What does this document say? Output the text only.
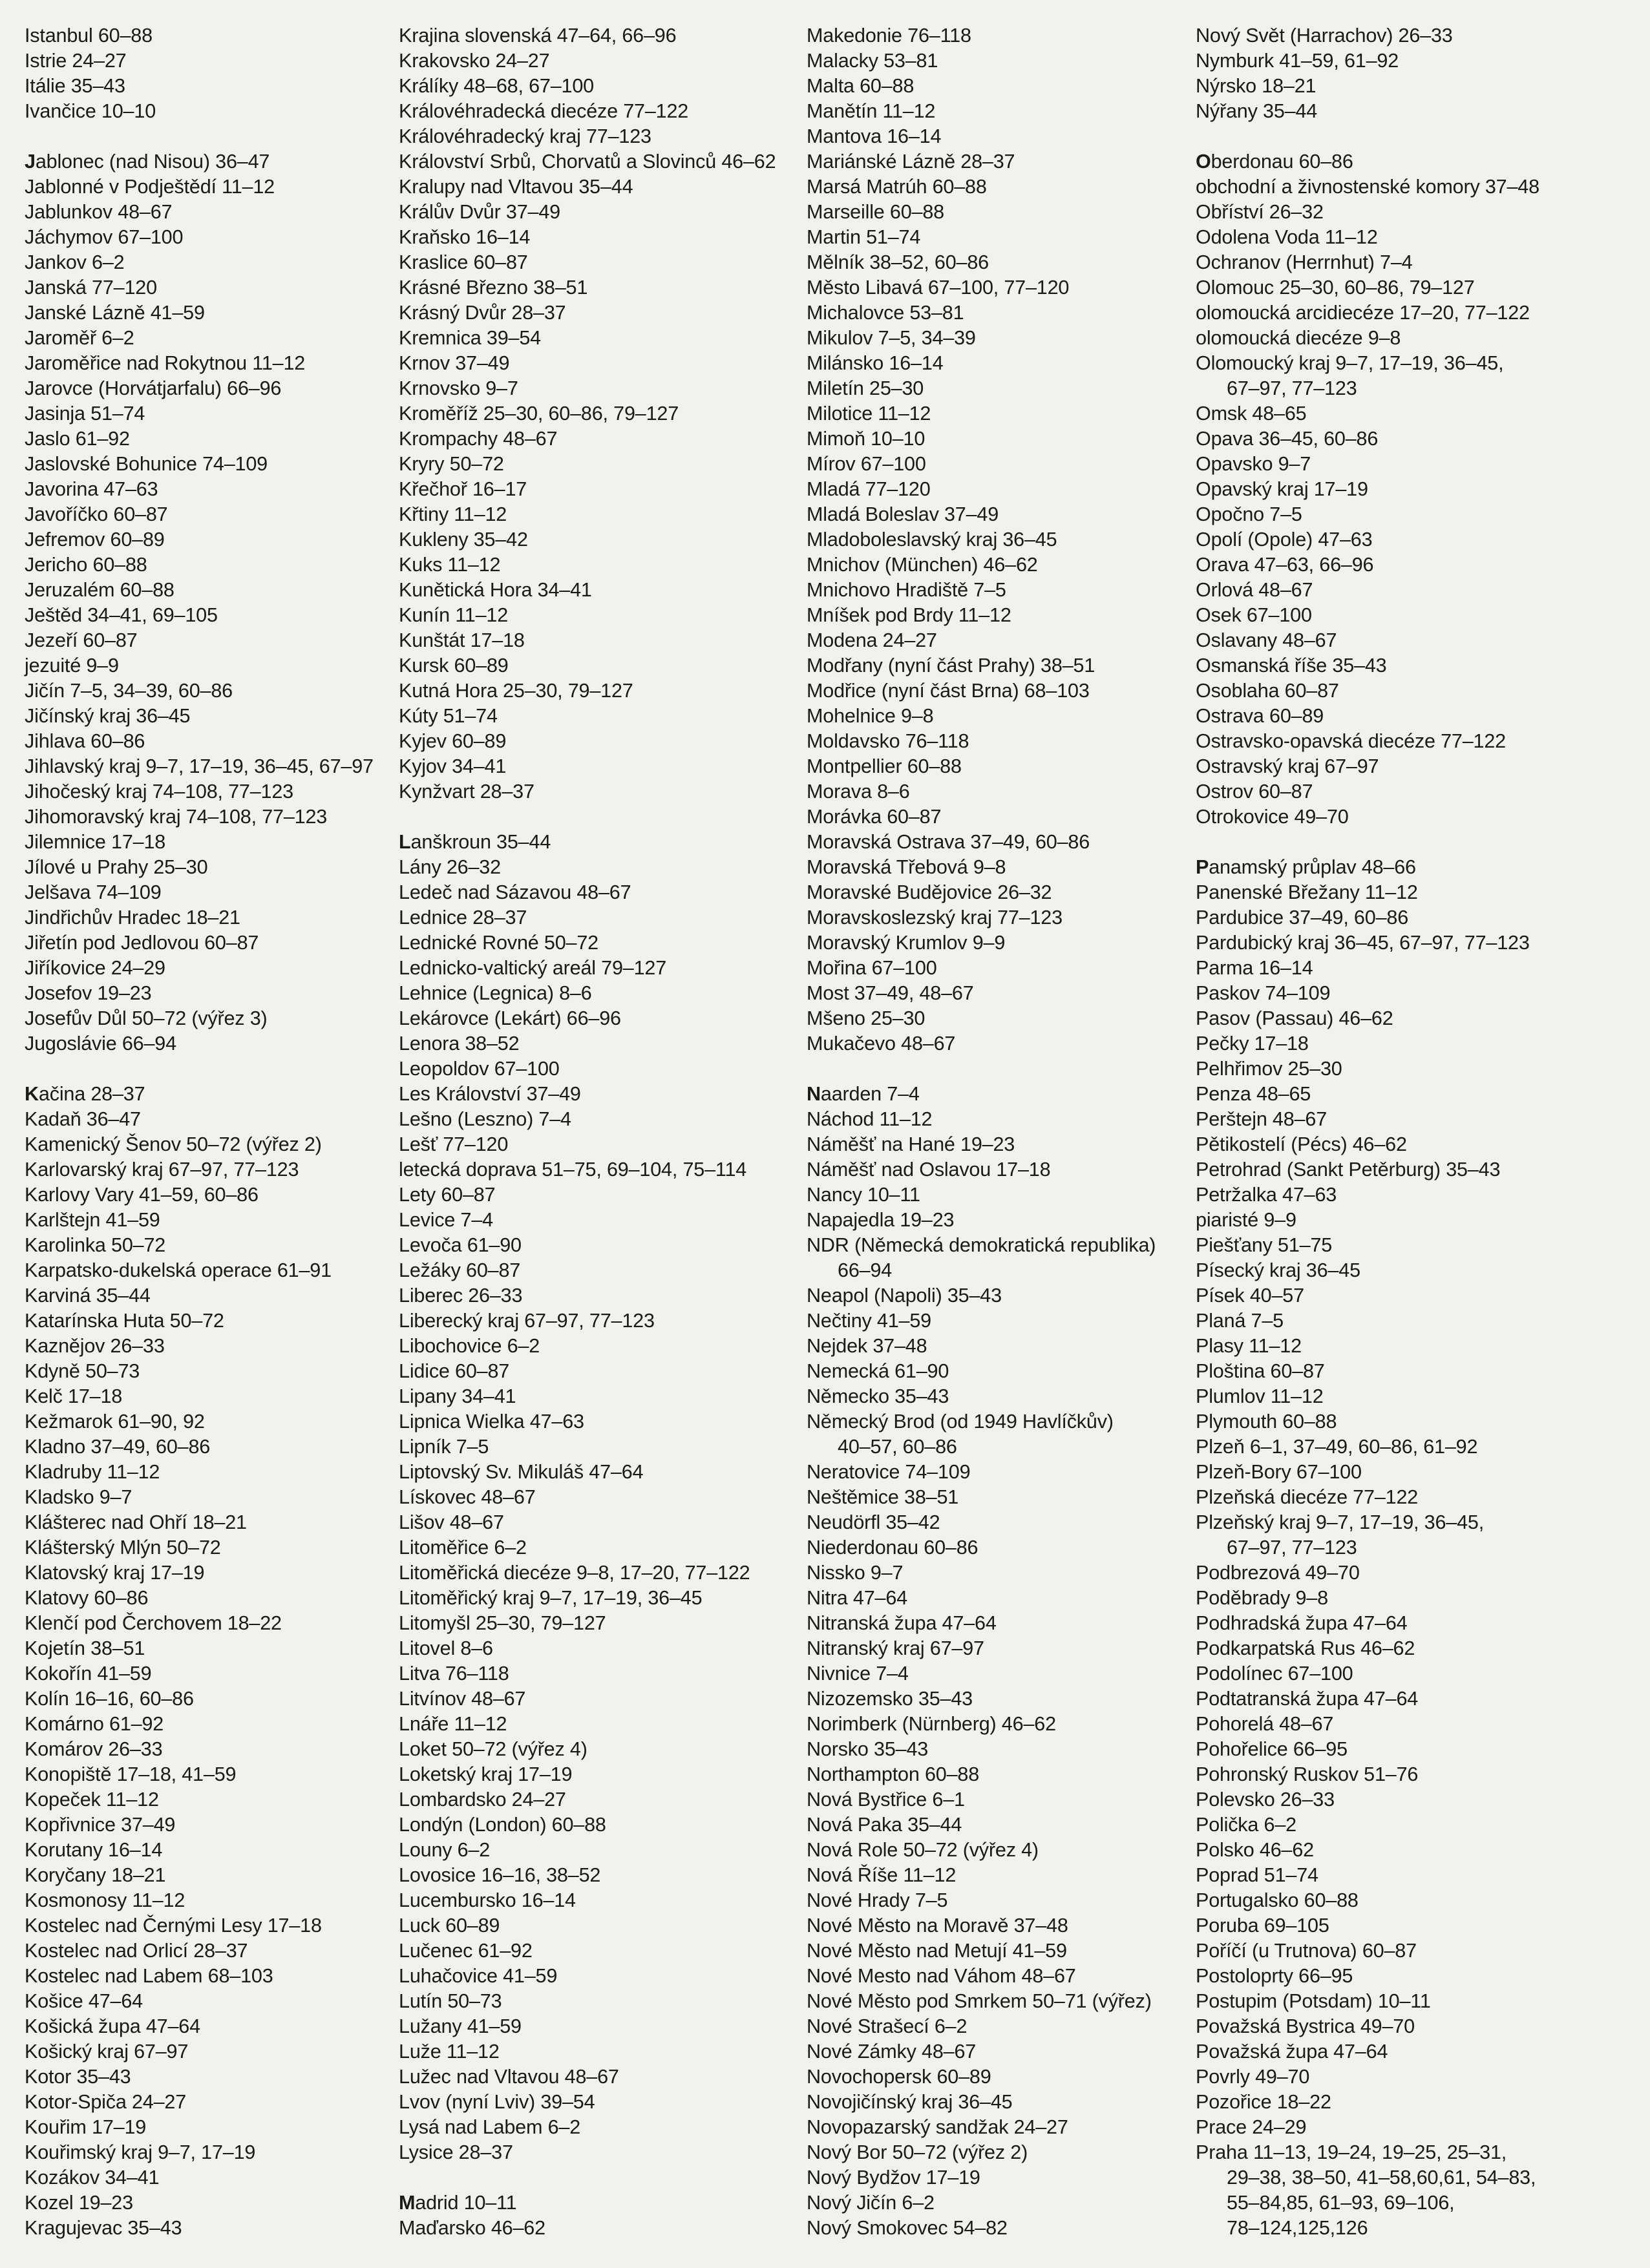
Istanbul 60–88
Istrie 24–27
Itálie 35–43
Ivančice 10–10
Jablonec (nad Nisou) 36–47
Jablonné v Podještědí 11–12
Jablunkov 48–67
Jáchymov 67–100
Jankov 6–2
Janská 77–120
Janské Lázně 41–59
Jaroměř 6–2
Jaroměřice nad Rokytnou 11–12
Jarovce (Horvátjarfalu) 66–96
Jasinja 51–74
Jaslo 61–92
Jaslovské Bohunice 74–109
Javorina 47–63
Javoříčko 60–87
Jefremov 60–89
Jericho 60–88
Jeruzalém 60–88
Ještěd 34–41, 69–105
Jezeří 60–87
jezuité 9–9
Jičín 7–5, 34–39, 60–86
Jičínský kraj 36–45
Jihlava 60–86
Jihlavský kraj 9–7, 17–19, 36–45, 67–97
Jihočeský kraj 74–108, 77–123
Jihomoravský kraj 74–108, 77–123
Jilemnice 17–18
Jílové u Prahy 25–30
Jelšava 74–109
Jindřichův Hradec 18–21
Jiřetín pod Jedlovou 60–87
Jiříkovice 24–29
Josefov 19–23
Josefův Důl 50–72 (výřez 3)
Jugoslávie 66–94
Kačina 28–37
Kadaň 36–47
Kamenický Šenov 50–72 (výřez 2)
Karlovarský kraj 67–97, 77–123
Karlovy Vary 41–59, 60–86
Karlštejn 41–59
Karolinka 50–72
Karpatsko-dukelská operace 61–91
Karviná 35–44
Katarínska Huta 50–72
Kaznějov 26–33
Kdyně 50–73
Kelč 17–18
Kežmarok 61–90, 92
Kladno 37–49, 60–86
Kladruby 11–12
Kladsko 9–7
Klášterec nad Ohří 18–21
Klášterský Mlýn 50–72
Klatovský kraj 17–19
Klatovy 60–86
Klenčí pod Čerchovem 18–22
Kojetín 38–51
Kokořín 41–59
Kolín 16–16, 60–86
Komárno 61–92
Komárov 26–33
Konopiště 17–18, 41–59
Kopeček 11–12
Kopřivnice 37–49
Korutany 16–14
Koryčany 18–21
Kosmonosy 11–12
Kostelec nad Černými Lesy 17–18
Kostelec nad Orlicí 28–37
Kostelec nad Labem 68–103
Košice 47–64
Košická župa 47–64
Košický kraj 67–97
Kotor 35–43
Kotor-Spiča 24–27
Kouřim 17–19
Kouřimský kraj 9–7, 17–19
Kozákov 34–41
Kozel 19–23
Kragujevac 35–43
Krajina slovenská 47–64, 66–96
Krakovsko 24–27
Králíky 48–68, 67–100
Královéhradecká diecéze 77–122
Královéhradecký kraj 77–123
Království Srbů, Chorvatů a Slovinců 46–62
Kralupy nad Vltavou 35–44
Králův Dvůr 37–49
Kraňsko 16–14
Kraslice 60–87
Krásné Březno 38–51
Krásný Dvůr 28–37
Kremnica 39–54
Krnov 37–49
Krnovsko 9–7
Kroměříž 25–30, 60–86, 79–127
Krompachy 48–67
Kryry 50–72
Křečhoř 16–17
Křtiny 11–12
Kukleny 35–42
Kuks 11–12
Kunětická Hora 34–41
Kunín 11–12
Kunštát 17–18
Kursk 60–89
Kutná Hora 25–30, 79–127
Kúty 51–74
Kyjev 60–89
Kyjov 34–41
Kynžvart 28–37
Lanškroun 35–44
Lány 26–32
Ledeč nad Sázavou 48–67
Lednice 28–37
Lednické Rovné 50–72
Lednicko-valtický areál 79–127
Lehnice (Legnica) 8–6
Lekárovce (Lekárt) 66–96
Lenora 38–52
Leopoldov 67–100
Les Království 37–49
Lešno (Leszno) 7–4
Lešť 77–120
letecká doprava 51–75, 69–104, 75–114
Lety 60–87
Levice 7–4
Levoča 61–90
Ležáky 60–87
Liberec 26–33
Liberecký kraj 67–97, 77–123
Libochovice 6–2
Lidice 60–87
Lipany 34–41
Lipnica Wielka 47–63
Lipník 7–5
Liptovský Sv. Mikuláš 47–64
Lískovec 48–67
Lišov 48–67
Litoměřice 6–2
Litoměřická diecéze 9–8, 17–20, 77–122
Litoměřický kraj 9–7, 17–19, 36–45
Litomyšl 25–30, 79–127
Litovel 8–6
Litva 76–118
Litvínov 48–67
Lnáře 11–12
Loket 50–72 (výřez 4)
Loketský kraj 17–19
Lombardsko 24–27
Londýn (London) 60–88
Louny 6–2
Lovosice 16–16, 38–52
Lucembursko 16–14
Luck 60–89
Lučenec 61–92
Luhačovice 41–59
Lutín 50–73
Lužany 41–59
Luže 11–12
Lužec nad Vltavou 48–67
Lvov (nyní Lviv) 39–54
Lysá nad Labem 6–2
Lysice 28–37
Madrid 10–11
Maďarsko 46–62
Makedonie 76–118
Malacky 53–81
Malta 60–88
Manětín 11–12
Mantova 16–14
Mariánské Lázně 28–37
Marsá Matrúh 60–88
Marseille 60–88
Martin 51–74
Mělník 38–52, 60–86
Město Libavá 67–100, 77–120
Michalovce 53–81
Mikulov 7–5, 34–39
Milánsko 16–14
Miletín 25–30
Milotice 11–12
Mimoň 10–10
Mírov 67–100
Mladá 77–120
Mladá Boleslav 37–49
Mladoboleslavský kraj 36–45
Mnichov (München) 46–62
Mnichovo Hradiště 7–5
Mníšek pod Brdy 11–12
Modena 24–27
Modřany (nyní část Prahy) 38–51
Modřice (nyní část Brna) 68–103
Mohelnice 9–8
Moldavsko 76–118
Montpellier 60–88
Morava 8–6
Morávka 60–87
Moravská Ostrava 37–49, 60–86
Moravská Třebová 9–8
Moravské Budějovice 26–32
Moravskoslezský kraj 77–123
Moravský Krumlov 9–9
Mořina 67–100
Most 37–49, 48–67
Mšeno 25–30
Mukačevo 48–67
Naarden 7–4
Náchod 11–12
Náměšť na Hané 19–23
Náměšť nad Oslavou 17–18
Nancy 10–11
Napajedla 19–23
NDR (Německá demokratická republika)
66–94
Neapol (Napoli) 35–43
Nečtiny 41–59
Nejdek 37–48
Nemecká 61–90
Německo 35–43
Německý Brod (od 1949 Havlíčkův)
40–57, 60–86
Neratovice 74–109
Neštěmice 38–51
Neudörfl 35–42
Niederdonau 60–86
Nissko 9–7
Nitra 47–64
Nitranská župa 47–64
Nitranský kraj 67–97
Nivnice 7–4
Nizozemsko 35–43
Norimberk (Nürnberg) 46–62
Norsko 35–43
Northampton 60–88
Nová Bystřice 6–1
Nová Paka 35–44
Nová Role 50–72 (výřez 4)
Nová Říše 11–12
Nové Hrady 7–5
Nové Město na Moravě 37–48
Nové Město nad Metují 41–59
Nové Mesto nad Váhom 48–67
Nové Město pod Smrkem 50–71 (výřez)
Nové Strašecí 6–2
Nové Zámky 48–67
Novochopersk 60–89
Novojičínský kraj 36–45
Novopazarský sandžak 24–27
Nový Bor 50–72 (výřez 2)
Nový Bydžov 17–19
Nový Jičín 6–2
Nový Smokovec 54–82
Nový Svět (Harrachov) 26–33
Nymburk 41–59, 61–92
Nýrsko 18–21
Nýřany 35–44
Oberdonau 60–86
obchodní a živnostenské komory 37–48
Obříství 26–32
Odolena Voda 11–12
Ochranov (Herrnhut) 7–4
Olomouc 25–30, 60–86, 79–127
olomoucká arcidiecéze 17–20, 77–122
olomoucká diecéze 9–8
Olomoucký kraj 9–7, 17–19, 36–45,
67–97, 77–123
Omsk 48–65
Opava 36–45, 60–86
Opavsko 9–7
Opavský kraj 17–19
Opočno 7–5
Opolí (Opole) 47–63
Orava 47–63, 66–96
Orlová 48–67
Osek 67–100
Oslavany 48–67
Osmanská říše 35–43
Osoblaha 60–87
Ostrava 60–89
Ostravsko-opavská diecéze 77–122
Ostravský kraj 67–97
Ostrov 60–87
Otrokovice 49–70
Panamský průplav 48–66
Panenské Břežany 11–12
Pardubice 37–49, 60–86
Pardubický kraj 36–45, 67–97, 77–123
Parma 16–14
Paskov 74–109
Pasov (Passau) 46–62
Pečky 17–18
Pelhřimov 25–30
Penza 48–65
Perštejn 48–67
Pětikostelí (Pécs) 46–62
Petrohrad (Sankt Petěrburg) 35–43
Petržalka 47–63
piaristé 9–9
Piešťany 51–75
Písecký kraj 36–45
Písek 40–57
Planá 7–5
Plasy 11–12
Ploština 60–87
Plumlov 11–12
Plymouth 60–88
Plzeň 6–1, 37–49, 60–86, 61–92
Plzeň-Bory 67–100
Plzeňská diecéze 77–122
Plzeňský kraj 9–7, 17–19, 36–45,
67–97, 77–123
Podbrezová 49–70
Poděbrady 9–8
Podhradská župa 47–64
Podkarpatská Rus 46–62
Podolínec 67–100
Podtatranská župa 47–64
Pohorelá 48–67
Pohořelice 66–95
Pohronský Ruskov 51–76
Polevsko 26–33
Polička 6–2
Polsko 46–62
Poprad 51–74
Portugalsko 60–88
Poruba 69–105
Poříčí (u Trutnova) 60–87
Postoloprty 66–95
Postupim (Potsdam) 10–11
Považská Bystrica 49–70
Považská župa 47–64
Povrly 49–70
Pozořice 18–22
Prace 24–29
Praha 11–13, 19–24, 19–25, 25–31,
29–38, 38–50, 41–58,60,61, 54–83,
55–84,85, 61–93, 69–106,
78–124,125,126
